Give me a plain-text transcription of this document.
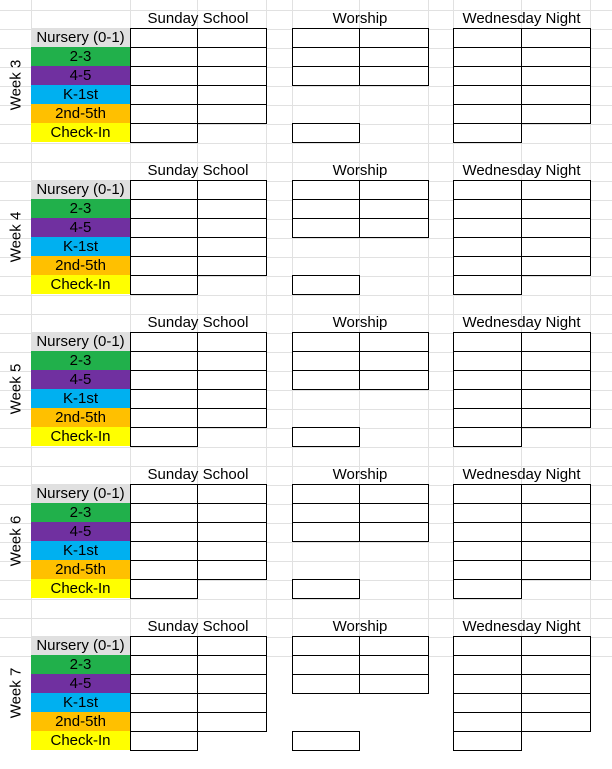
Sunday School	Worship	Wednesday Night
Week 3
Nursery (0-1)
2-3
4-5
K-1st
2nd-5th
Check-In
Sunday School	Worship	Wednesday Night
Week 4
Nursery (0-1)
2-3
4-5
K-1st
2nd-5th
Check-In
Sunday School	Worship	Wednesday Night
Week 5
Nursery (0-1)
2-3
4-5
K-1st
2nd-5th
Check-In
Sunday School	Worship	Wednesday Night
Week 6
Nursery (0-1)
2-3
4-5
K-1st
2nd-5th
Check-In
Sunday School	Worship	Wednesday Night
Week 7
Nursery (0-1)
2-3
4-5
K-1st
2nd-5th
Check-In
